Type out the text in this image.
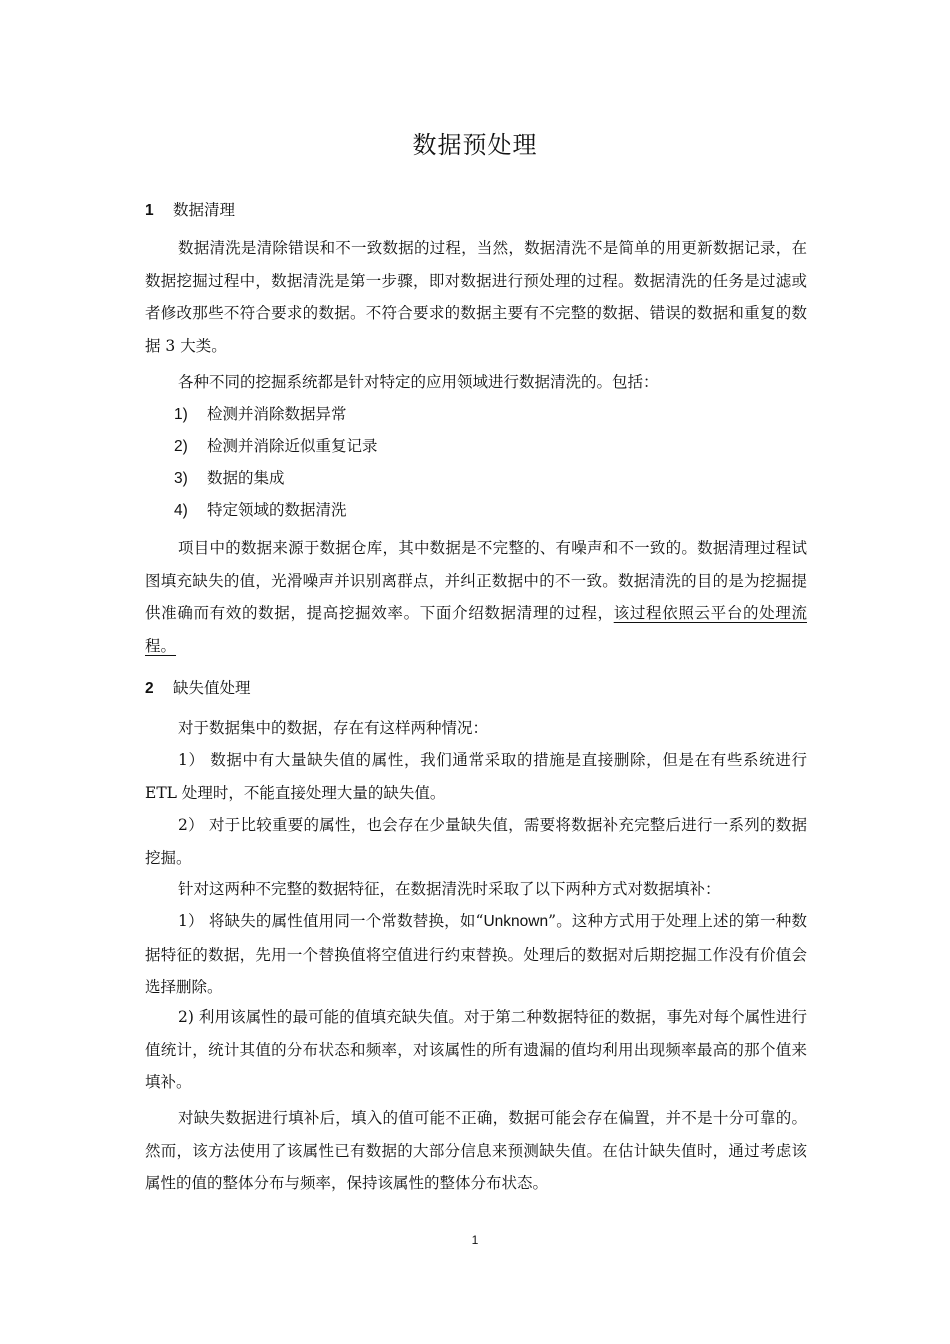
数据预处理
1 数据清理

数据清洗是清除错误和不一致数据的过程，当然，数据清洗不是简单的用更新数据记录，在数据挖掘过程中，数据清洗是第一步骤，即对数据进行预处理的过程。数据清洗的任务是过滤或者修改那些不符合要求的数据。不符合要求的数据主要有不完整的数据、错误的数据和重复的数据 3 大类。

各种不同的挖掘系统都是针对特定的应用领域进行数据清洗的。包括：

1) 检测并消除数据异常
2) 检测并消除近似重复记录
3) 数据的集成
4) 特定领域的数据清洗

项目中的数据来源于数据仓库，其中数据是不完整的、有噪声和不一致的。数据清理过程试图填充缺失的值，光滑噪声并识别离群点，并纠正数据中的不一致。数据清洗的目的是为挖掘提供准确而有效的数据，提高挖掘效率。下面介绍数据清理的过程，该过程依照云平台的处理流程。

2 缺失值处理

对于数据集中的数据，存在有这样两种情况：

1） 数据中有大量缺失值的属性，我们通常采取的措施是直接删除，但是在有些系统进行 ETL 处理时，不能直接处理大量的缺失值。

2） 对于比较重要的属性，也会存在少量缺失值，需要将数据补充完整后进行一系列的数据挖掘。

针对这两种不完整的数据特征，在数据清洗时采取了以下两种方式对数据填补：

1） 将缺失的属性值用同一个常数替换，如“Unknown”。这种方式用于处理上述的第一种数据特征的数据，先用一个替换值将空值进行约束替换。处理后的数据对后期挖掘工作没有价值会选择删除。

2) 利用该属性的最可能的值填充缺失值。对于第二种数据特征的数据，事先对每个属性进行值统计，统计其值的分布状态和频率，对该属性的所有遗漏的值均利用出现频率最高的那个值来填补。

对缺失数据进行填补后，填入的值可能不正确，数据可能会存在偏置，并不是十分可靠的。然而，该方法使用了该属性已有数据的大部分信息来预测缺失值。在估计缺失值时，通过考虑该属性的值的整体分布与频率，保持该属性的整体分布状态。

1
